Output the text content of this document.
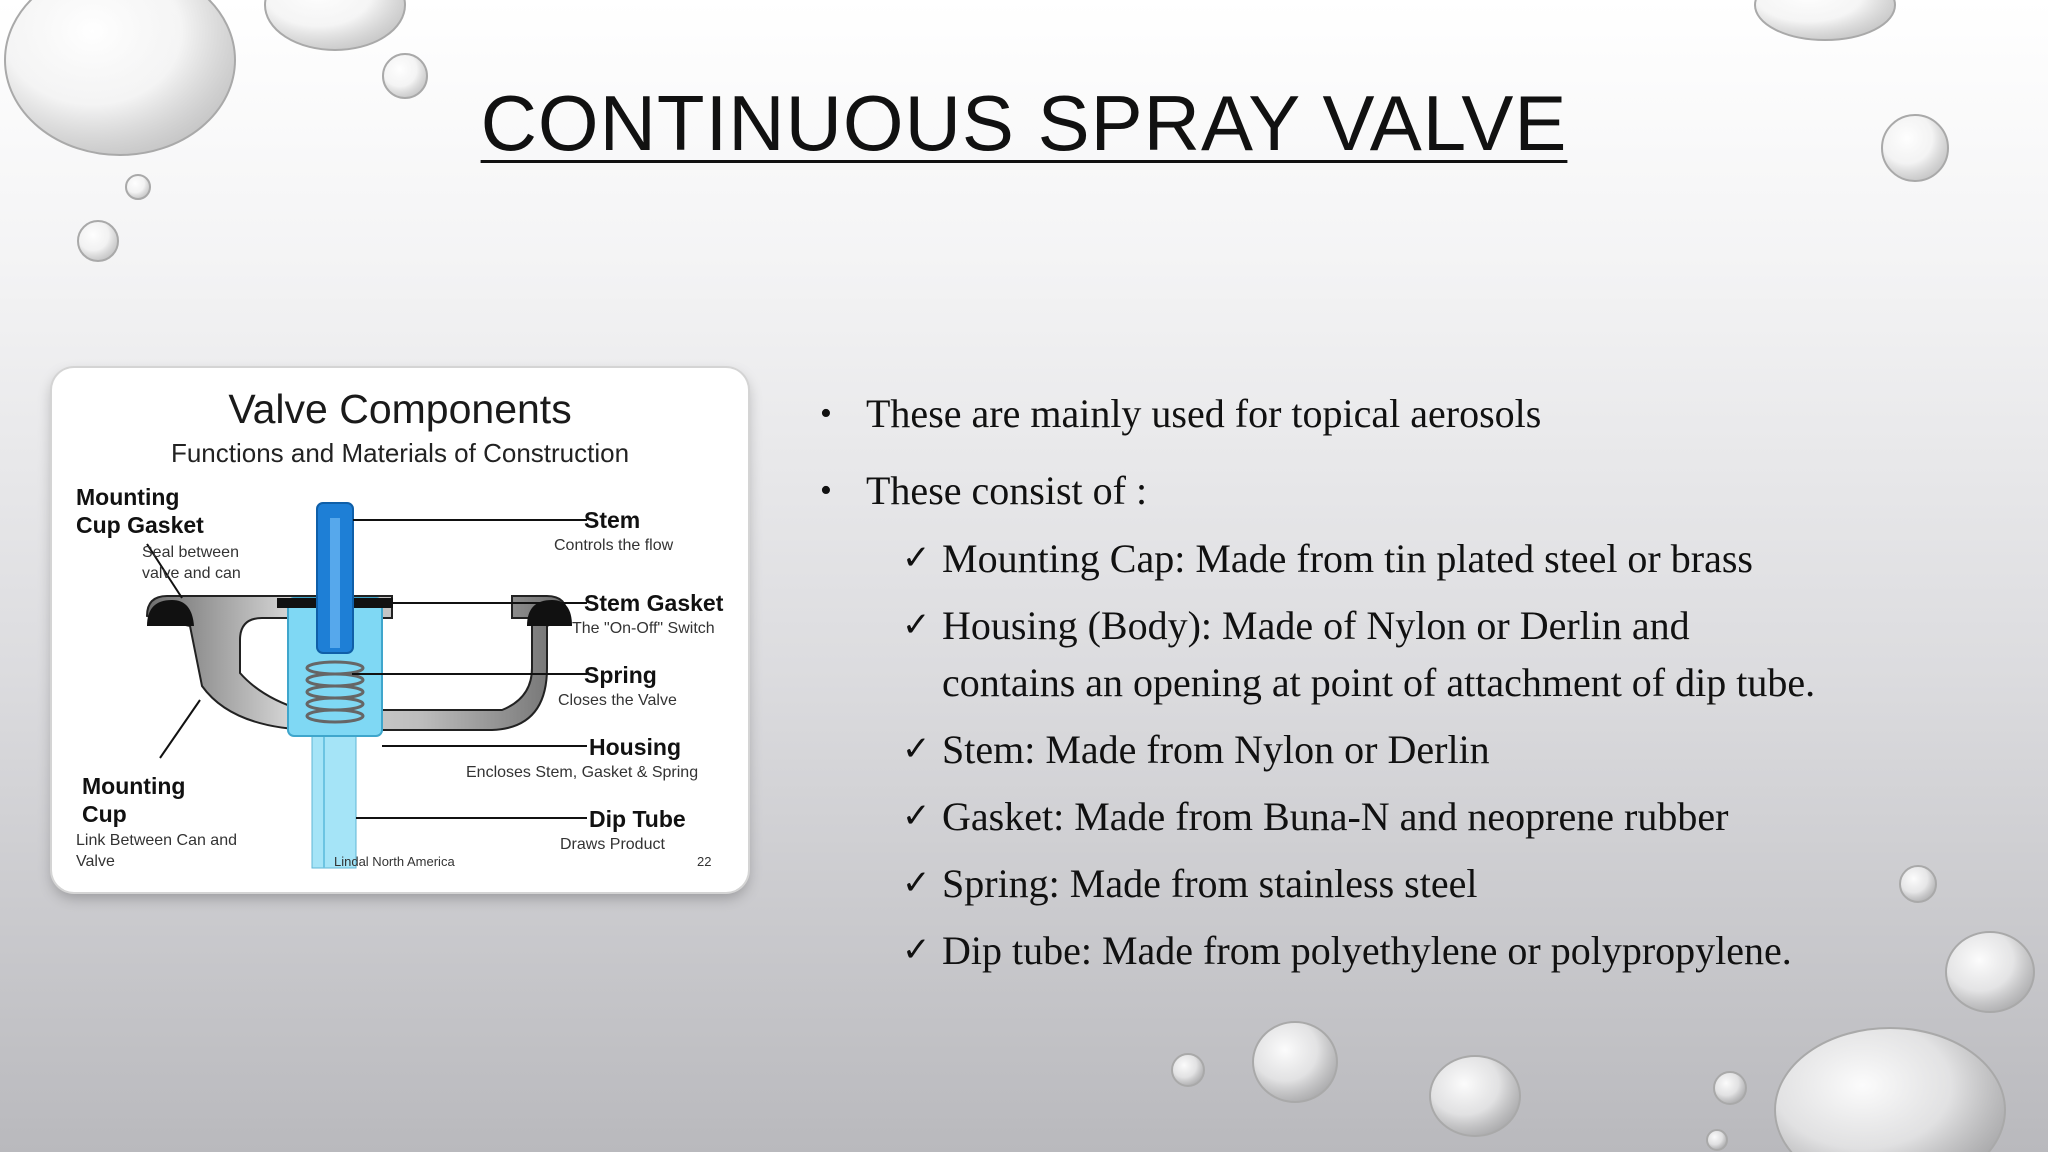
CONTINUOUS SPRAY VALVE
Valve Components
Functions and Materials of Construction
Mounting
Cup Gasket
Seal between
valve and can
Stem
Controls the flow
Stem Gasket
The "On-Off" Switch
Spring
Closes the Valve
Housing
Encloses Stem, Gasket & Spring
Dip Tube
Draws Product
Mounting
Cup
Link Between Can and
Valve	Lindal North America	22
• These are mainly used for topical aerosols
• These consist of :
✓ Mounting Cap: Made from tin plated steel or brass
✓ Housing (Body): Made of Nylon or Derlin and
contains an opening at point of attachment of dip tube.
✓ Stem: Made from Nylon or Derlin
✓ Gasket: Made from Buna-N and neoprene rubber
✓ Spring: Made from stainless steel
✓ Dip tube: Made from polyethylene or polypropylene.
